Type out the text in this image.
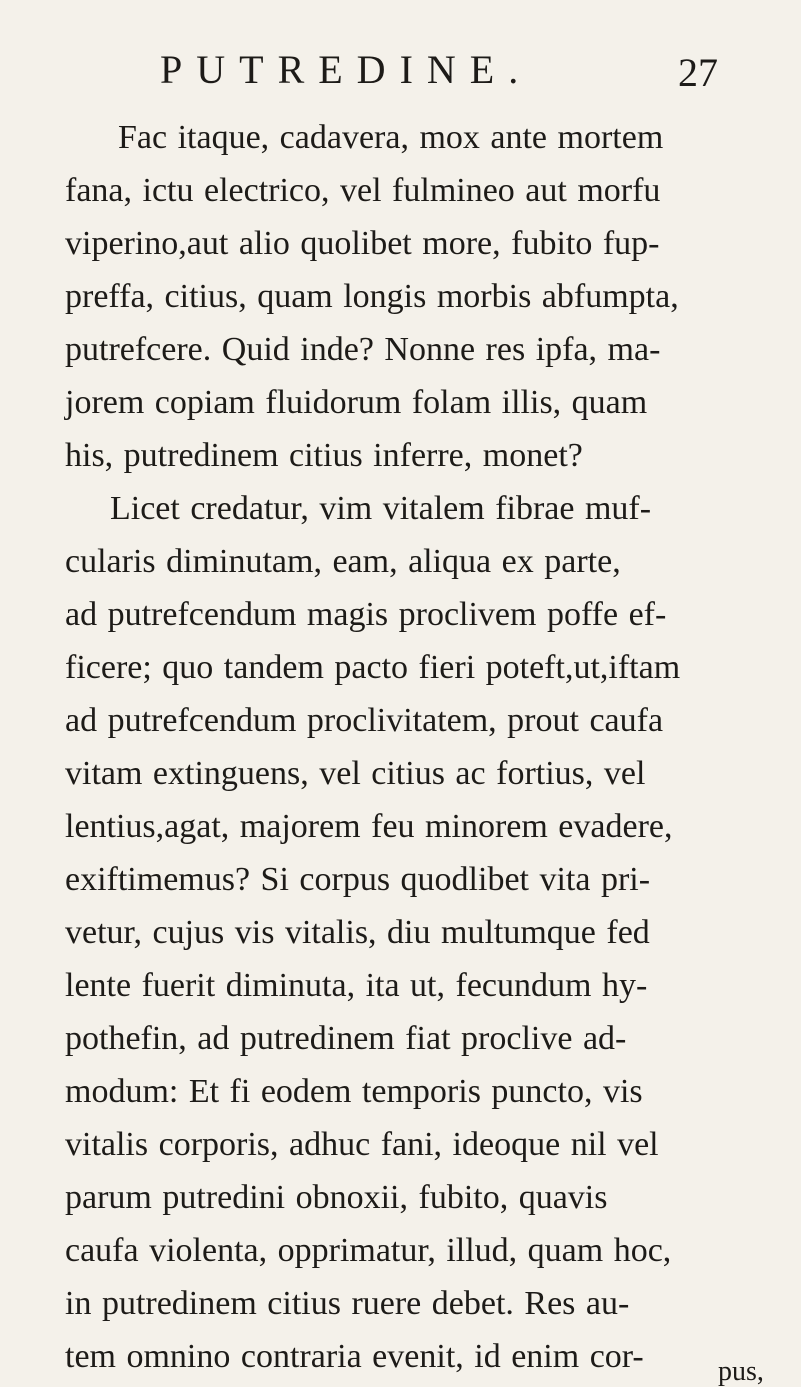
PUTREDINE.	27
Fac itaque, cadavera, mox ante mortem
fana, ictu electrico, vel fulmineo aut morfu
viperino,aut alio quolibet more, fubito fup-
preffa, citius, quam longis morbis abfumpta,
putrefcere. Quid inde? Nonne res ipfa, ma-
jorem copiam fluidorum folam illis, quam
his, putredinem citius inferre, monet?
Licet credatur, vim vitalem fibrae muf-
cularis diminutam, eam, aliqua ex parte,
ad putrefcendum magis proclivem poffe ef-
ficere; quo tandem pacto fieri poteft,ut,iftam
ad putrefcendum proclivitatem, prout caufa
vitam extinguens, vel citius ac fortius, vel
lentius,agat, majorem feu minorem evadere,
exiftimemus? Si corpus quodlibet vita pri-
vetur, cujus vis vitalis, diu multumque fed
lente fuerit diminuta, ita ut, fecundum hy-
pothefin, ad putredinem fiat proclive ad-
modum: Et fi eodem temporis puncto, vis
vitalis corporis, adhuc fani, ideoque nil vel
parum putredini obnoxii, fubito, quavis
caufa violenta, opprimatur, illud, quam hoc,
in putredinem citius ruere debet. Res au-
tem omnino contraria evenit, id enim cor-	pus,
